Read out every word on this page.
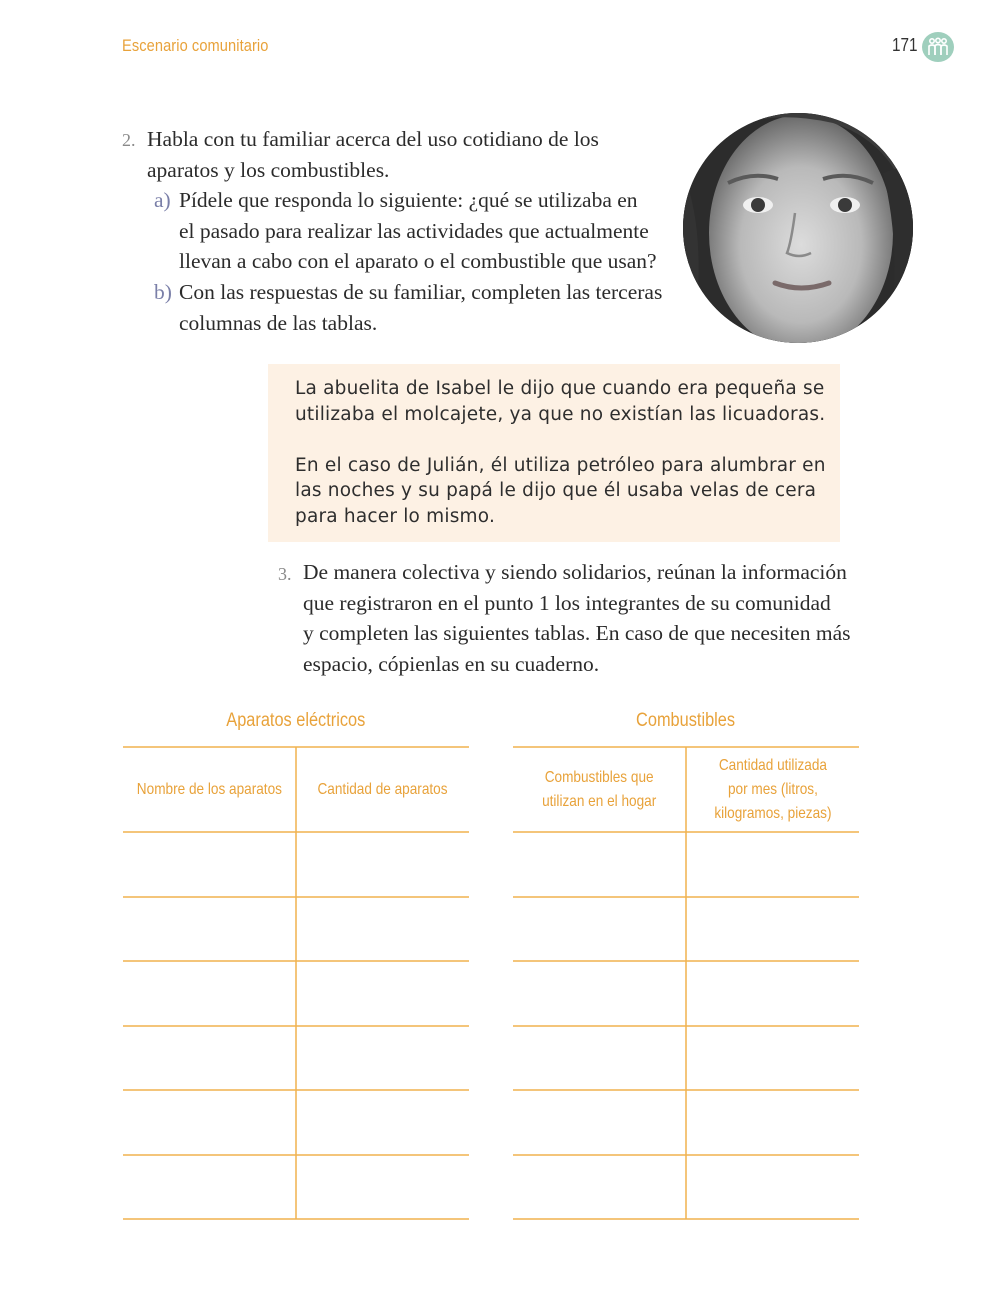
Escenario comunitario	171
2. Habla con tu familiar acerca del uso cotidiano de los
aparatos y los combustibles.
a) Pídele que responda lo siguiente: ¿qué se utilizaba en
el pasado para realizar las actividades que actualmente
llevan a cabo con el aparato o el combustible que usan?
b) Con las respuestas de su familiar, completen las terceras
columnas de las tablas.

La abuelita de Isabel le dijo que cuando era pequeña se

utilizaba el molcajete, ya que no existían las licuadoras.

En el caso de Julián, él utiliza petróleo para alumbrar en

las noches y su papá le dijo que él usaba velas de cera

para hacer lo mismo.

3. De manera colectiva y siendo solidarios, reúnan la información
que registraron en el punto 1 los integrantes de su comunidad
y completen las siguientes tablas. En caso de que necesiten más
espacio, cópienlas en su cuaderno.
Aparatos eléctricos	Combustibles
Nombre de los aparatos Cantidad de aparatos
Combustibles que
utilizan en el hogar
Cantidad utilizada
por mes (litros,
kilogramos, piezas)
